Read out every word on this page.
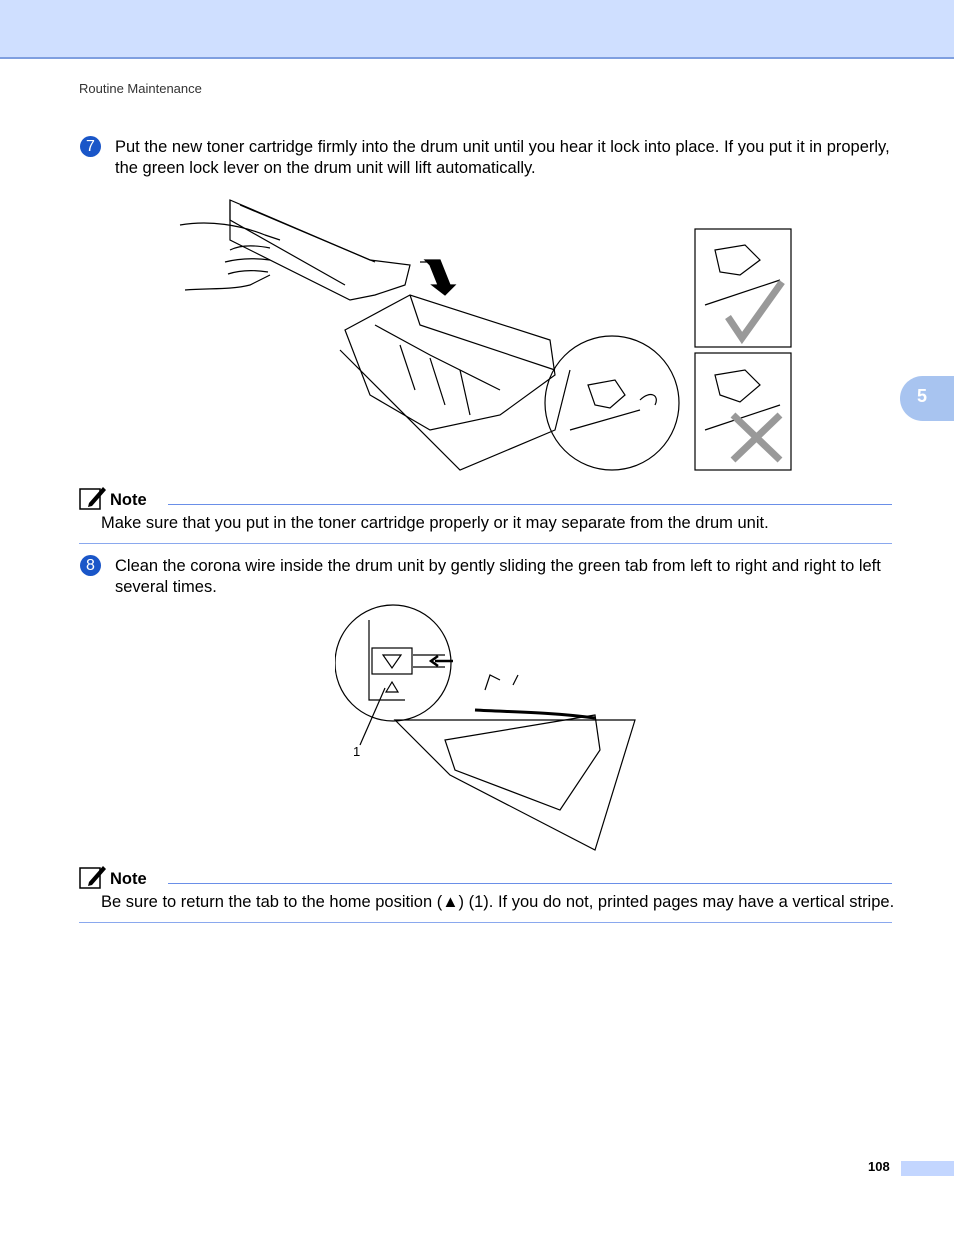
Routine Maintenance
5
7	Put the new toner cartridge firmly into the drum unit until you hear it lock into place. If you put it in properly, the green lock lever on the drum unit will lift automatically.
Note
Make sure that you put in the toner cartridge properly or it may separate from the drum unit.
8	Clean the corona wire inside the drum unit by gently sliding the green tab from left to right and right to left several times.
1
Note
Be sure to return the tab to the home position (▲) (1). If you do not, printed pages may have a vertical stripe.
108
